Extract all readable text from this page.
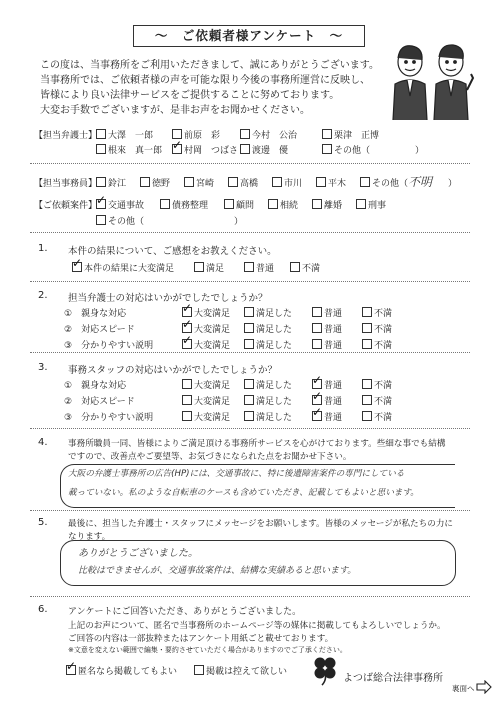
〜　ご依頼者様アンケート　〜
この度は、当事務所をご利用いただきまして、誠にありがとうございます。
当事務所では、ご依頼者様の声を可能な限り今後の事務所運営に反映し、
皆様により良い法律サービスをご提供することに努めております。
大変お手数でございますが、是非お声をお聞かせください。
【担当弁護士】	大澤　一郎	前原　彩	今村　公治	栗津　正博
根來　真一郎 ✓	村岡　つばさ	渡邊　優	その他（　　　　　）
【担当事務員】	鈴江	徳野	宮崎	高橋	市川	平木	その他（ 不明 ）
【ご依頼案件】 ✓	交通事故	債務整理	顧問	相続	離婚	刑事
その他（　　　　　　　　　　）
1. 本件の結果について、ご感想をお教えください。
✓本件の結果に大変満足	満足	普通	不満
2. 担当弁護士の対応はいかがでしたでしょうか？
①　親身な対応 ✓	大変満足	満足した	普通	不満
②　対応スピード ✓	大変満足	満足した	普通	不満
③　分かりやすい説明 ✓	大変満足	満足した	普通	不満
3. 事務スタッフの対応はいかがでしたでしょうか？
①　親身な対応	大変満足	満足した ✓	普通	不満
②　対応スピード	大変満足	満足した ✓	普通	不満
③　分かりやすい説明	大変満足	満足した ✓	普通	不満
4. 事務所職員一同、皆様によりご満足頂ける事務所サービスを心がけております。些細な事でも結構
ですので、改善点やご要望等、お気づきになられた点をお聞かせ下さい。
大阪の弁護士事務所の広告(HP)には、交通事故に、特に後遺障害案件の専門にしている
載っていない。私のような自転車のケースも含めていただき、記載してもよいと思います。
5. 最後に、担当した弁護士・スタッフにメッセージをお願いします。皆様のメッセージが私たちの力に
なります。
ありがとうございました。
比較はできませんが、交通事故案件は、結構な実績あると思います。
6. アンケートにご回答いただき、ありがとうございました。
上記のお声について、匿名で当事務所のホームページ等の媒体に掲載してもよろしいでしょうか。
ご回答の内容は一部抜粋またはアンケート用紙ごと載せております。
※文意を変えない範囲で編集・要約させていただく場合がありますのでご了承ください。
✓匿名なら掲載してもよい	掲載は控えて欲しい
よつば総合法律事務所
裏面へ
